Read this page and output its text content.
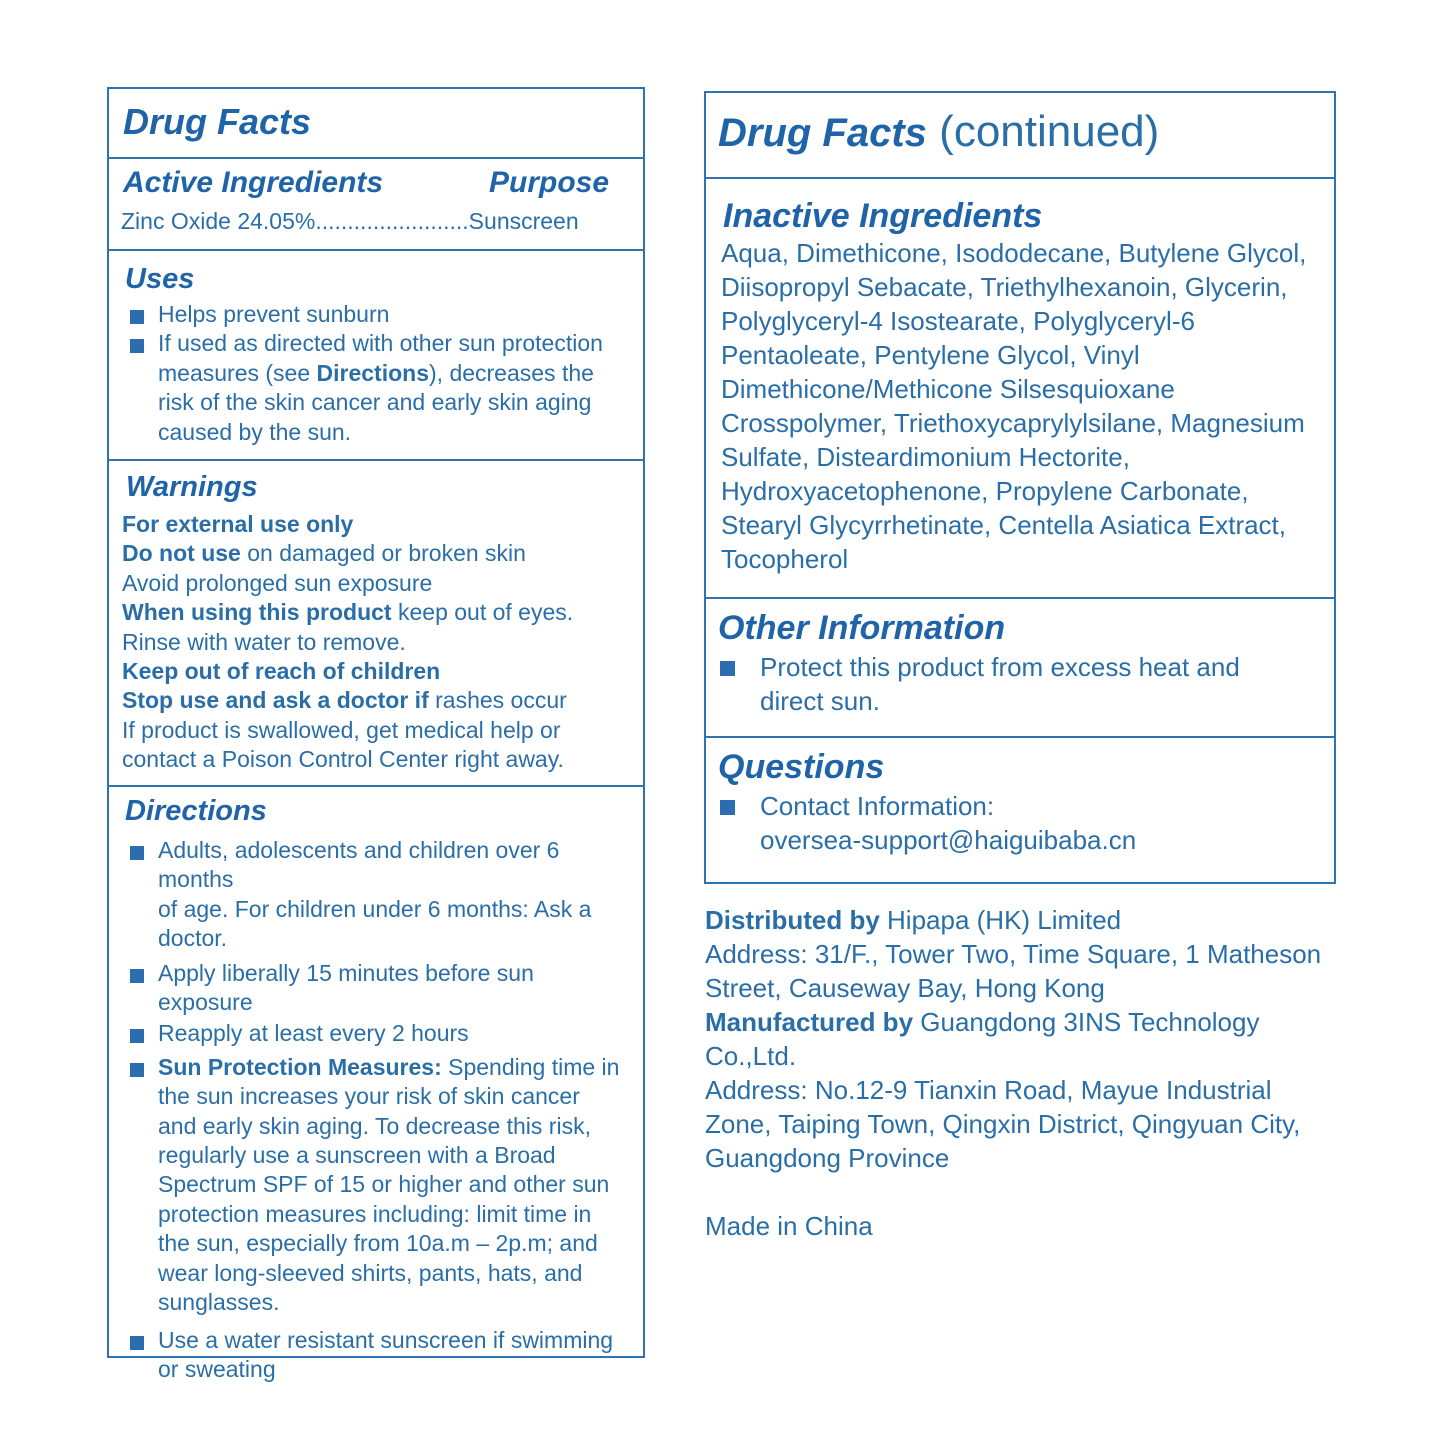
Drug Facts
Active Ingredients	Purpose
Zinc Oxide 24.05%........................Sunscreen
Uses
Helps prevent sunburn
If used as directed with other sun protection
measures (see Directions), decreases the
risk of the skin cancer and early skin aging
caused by the sun.
Warnings
For external use only
Do not use on damaged or broken skin
Avoid prolonged sun exposure
When using this product keep out of eyes.
Rinse with water to remove.
Keep out of reach of children
Stop use and ask a doctor if rashes occur
If product is swallowed, get medical help or
contact a Poison Control Center right away.
Directions
Adults, adolescents and children over 6 months
of age. For children under 6 months: Ask a
doctor.
Apply liberally 15 minutes before sun
exposure
Reapply at least every 2 hours
Sun Protection Measures: Spending time in
the sun increases your risk of skin cancer
and early skin aging. To decrease this risk,
regularly use a sunscreen with a Broad
Spectrum SPF of 15 or higher and other sun
protection measures including: limit time in
the sun, especially from 10a.m – 2p.m; and
wear long-sleeved shirts, pants, hats, and
sunglasses.
Use a water resistant sunscreen if swimming
or sweating
Drug Facts (continued)
Inactive Ingredients
Aqua, Dimethicone, Isododecane, Butylene Glycol,
Diisopropyl Sebacate, Triethylhexanoin, Glycerin,
Polyglyceryl-4 Isostearate, Polyglyceryl-6
Pentaoleate, Pentylene Glycol, Vinyl
Dimethicone/Methicone Silsesquioxane
Crosspolymer, Triethoxycaprylylsilane, Magnesium
Sulfate, Disteardimonium Hectorite,
Hydroxyacetophenone, Propylene Carbonate,
Stearyl Glycyrrhetinate, Centella Asiatica Extract,
Tocopherol
Other Information
Protect this product from excess heat and
direct sun.
Questions
Contact Information:
oversea-support@haiguibaba.cn
Distributed by Hipapa (HK) Limited
Address: 31/F., Tower Two, Time Square, 1 Matheson
Street, Causeway Bay, Hong Kong
Manufactured by Guangdong 3INS Technology
Co.,Ltd.
Address: No.12-9 Tianxin Road, Mayue Industrial
Zone, Taiping Town, Qingxin District, Qingyuan City,
Guangdong Province
Made in China
